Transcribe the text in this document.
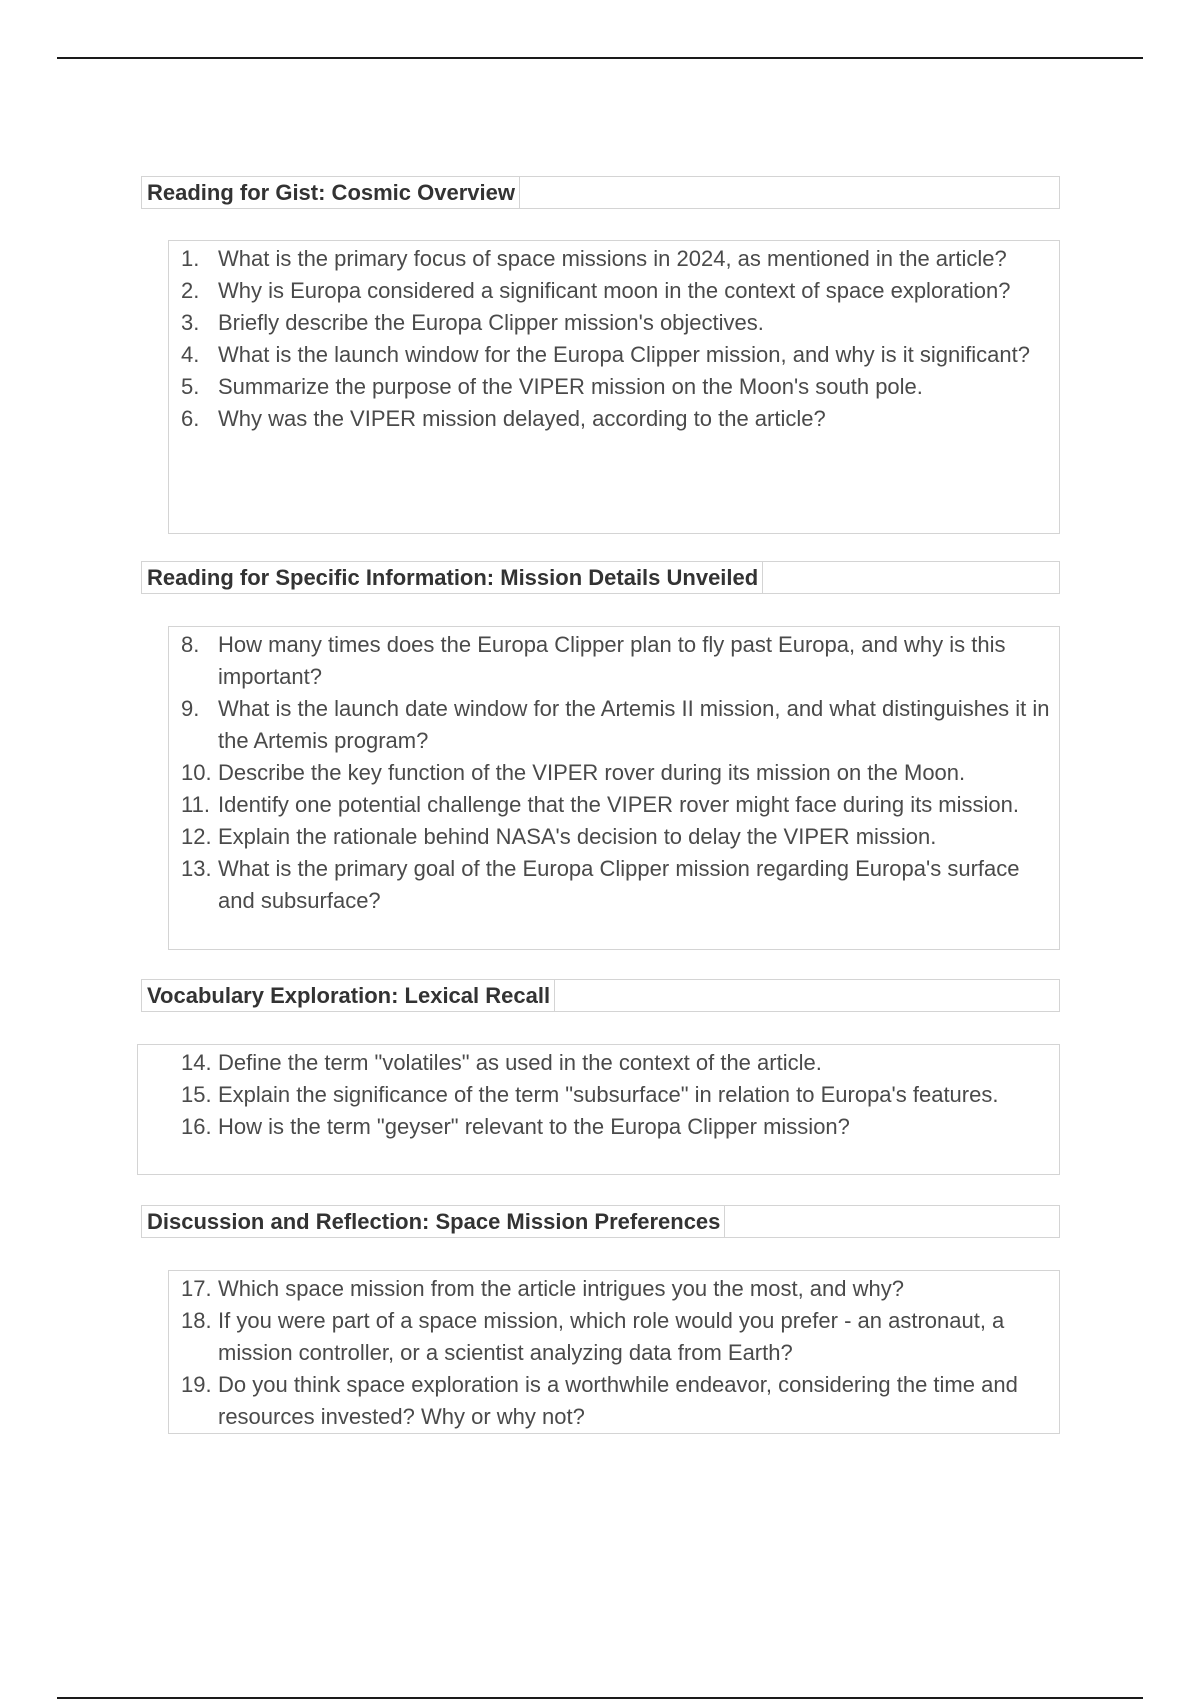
Reading for Gist: Cosmic Overview
1. What is the primary focus of space missions in 2024, as mentioned in the article?
2. Why is Europa considered a significant moon in the context of space exploration?
3. Briefly describe the Europa Clipper mission's objectives.
4. What is the launch window for the Europa Clipper mission, and why is it significant?
5. Summarize the purpose of the VIPER mission on the Moon's south pole.
6. Why was the VIPER mission delayed, according to the article?
Reading for Specific Information: Mission Details Unveiled
8. How many times does the Europa Clipper plan to fly past Europa, and why is this important?
9. What is the launch date window for the Artemis II mission, and what distinguishes it in the Artemis program?
10. Describe the key function of the VIPER rover during its mission on the Moon.
11. Identify one potential challenge that the VIPER rover might face during its mission.
12. Explain the rationale behind NASA's decision to delay the VIPER mission.
13. What is the primary goal of the Europa Clipper mission regarding Europa's surface and subsurface?
Vocabulary Exploration: Lexical Recall
14. Define the term "volatiles" as used in the context of the article.
15. Explain the significance of the term "subsurface" in relation to Europa's features.
16. How is the term "geyser" relevant to the Europa Clipper mission?
Discussion and Reflection: Space Mission Preferences
17. Which space mission from the article intrigues you the most, and why?
18. If you were part of a space mission, which role would you prefer - an astronaut, a mission controller, or a scientist analyzing data from Earth?
19. Do you think space exploration is a worthwhile endeavor, considering the time and resources invested? Why or why not?
